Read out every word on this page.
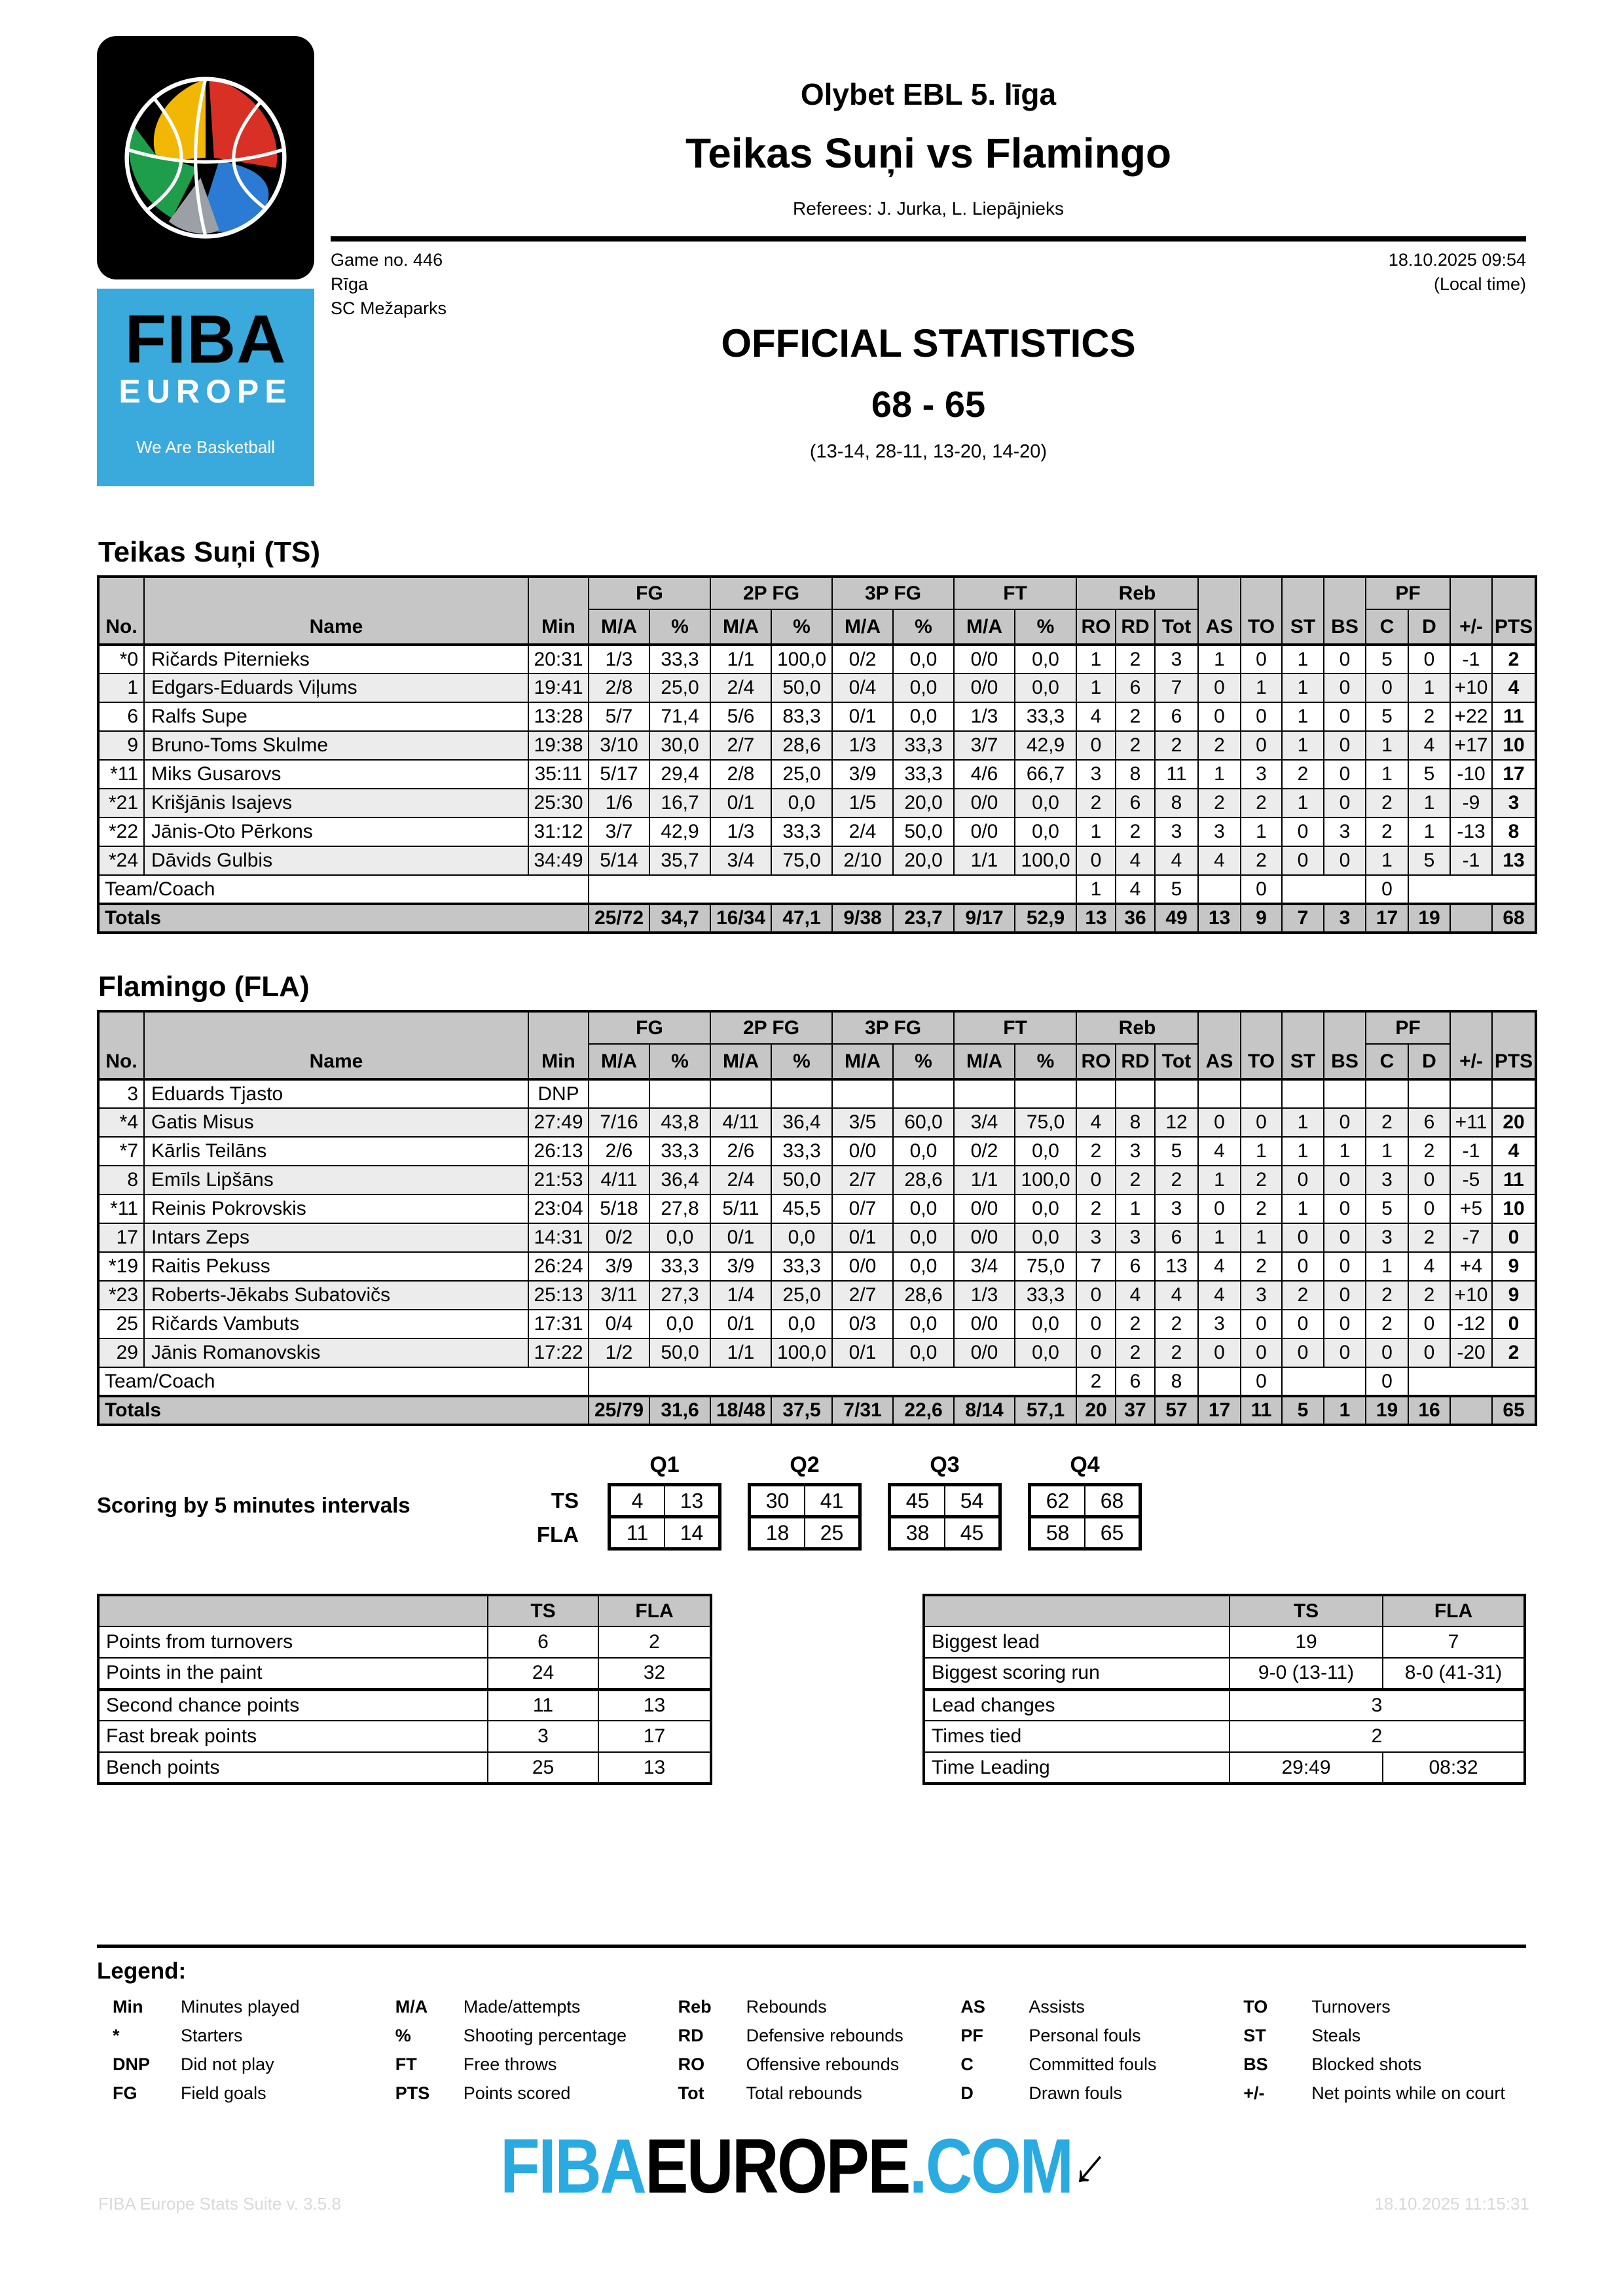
FIBA
EUROPE
We Are Basketball
Olybet EBL 5. līga
Teikas Suņi vs Flamingo
Referees: J. Jurka, L. Liepājnieks
Game no. 446
Rīga
SC Mežaparks
18.10.2025 09:54
(Local time)
OFFICIAL STATISTICS
68 - 65
(13-14, 28-11, 13-20, 14-20)
Teikas Suņi (TS)
No.	Name	Min	FG		2P FG		3P FG		FT		Reb			AS	TO	ST	BS	PF		+/-	PTS
			M/A	%	M/A	%	M/A	%	M/A	%	RO	RD	Tot					C	D		
*0	Ričards Piternieks	20:31	1/3	33,3	1/1	100,0	0/2	0,0	0/0	0,0	1	2	3	1	0	1	0	5	0	-1	2
1	Edgars-Eduards Viļums	19:41	2/8	25,0	2/4	50,0	0/4	0,0	0/0	0,0	1	6	7	0	1	1	0	0	1	+10	4
6	Ralfs Supe	13:28	5/7	71,4	5/6	83,3	0/1	0,0	1/3	33,3	4	2	6	0	0	1	0	5	2	+22	11
9	Bruno-Toms Skulme	19:38	3/10	30,0	2/7	28,6	1/3	33,3	3/7	42,9	0	2	2	2	0	1	0	1	4	+17	10
*11	Miks Gusarovs	35:11	5/17	29,4	2/8	25,0	3/9	33,3	4/6	66,7	3	8	11	1	3	2	0	1	5	-10	17
*21	Krišjānis Isajevs	25:30	1/6	16,7	0/1	0,0	1/5	20,0	0/0	0,0	2	6	8	2	2	1	0	2	1	-9	3
*22	Jānis-Oto Pērkons	31:12	3/7	42,9	1/3	33,3	2/4	50,0	0/0	0,0	1	2	3	3	1	0	3	2	1	-13	8
*24	Dāvids Gulbis	34:49	5/14	35,7	3/4	75,0	2/10	20,0	1/1	100,0	0	4	4	4	2	0	0	1	5	-1	13
Team/Coach											1	4	5		0			0			
Totals			25/72	34,7	16/34	47,1	9/38	23,7	9/17	52,9	13	36	49	13	9	7	3	17	19		68
Flamingo (FLA)
No.	Name	Min	FG		2P FG		3P FG		FT		Reb			AS	TO	ST	BS	PF		+/-	PTS
			M/A	%	M/A	%	M/A	%	M/A	%	RO	RD	Tot					C	D		
3	Eduards Tjasto	DNP																			
*4	Gatis Misus	27:49	7/16	43,8	4/11	36,4	3/5	60,0	3/4	75,0	4	8	12	0	0	1	0	2	6	+11	20
*7	Kārlis Teilāns	26:13	2/6	33,3	2/6	33,3	0/0	0,0	0/2	0,0	2	3	5	4	1	1	1	1	2	-1	4
8	Emīls Lipšāns	21:53	4/11	36,4	2/4	50,0	2/7	28,6	1/1	100,0	0	2	2	1	2	0	0	3	0	-5	11
*11	Reinis Pokrovskis	23:04	5/18	27,8	5/11	45,5	0/7	0,0	0/0	0,0	2	1	3	0	2	1	0	5	0	+5	10
17	Intars Zeps	14:31	0/2	0,0	0/1	0,0	0/1	0,0	0/0	0,0	3	3	6	1	1	0	0	3	2	-7	0
*19	Raitis Pekuss	26:24	3/9	33,3	3/9	33,3	0/0	0,0	3/4	75,0	7	6	13	4	2	0	0	1	4	+4	9
*23	Roberts-Jēkabs Subatovičs	25:13	3/11	27,3	1/4	25,0	2/7	28,6	1/3	33,3	0	4	4	4	3	2	0	2	2	+10	9
25	Ričards Vambuts	17:31	0/4	0,0	0/1	0,0	0/3	0,0	0/0	0,0	0	2	2	3	0	0	0	2	0	-12	0
29	Jānis Romanovskis	17:22	1/2	50,0	1/1	100,0	0/1	0,0	0/0	0,0	0	2	2	0	0	0	0	0	0	-20	2
Team/Coach											2	6	8		0			0			
Totals			25/79	31,6	18/48	37,5	7/31	22,6	8/14	57,1	20	37	57	17	11	5	1	19	16		65
Scoring by 5 minutes intervals
Q1	Q2	Q3	Q4
TS	4	13	30	41	45	54	62	68
FLA	11	14	18	25	38	45	58	65
	TS	FLA
Points from turnovers	6	2
Points in the paint	24	32
Second chance points	11	13
Fast break points	3	17
Bench points	25	13
	TS	FLA
Biggest lead	19	7
Biggest scoring run	9-0 (13-11)	8-0 (41-31)
Lead changes	3	
Times tied	2	
Time Leading	29:49	08:32
Legend:
Min	Minutes played
*	Starters
DNP	Did not play
FG	Field goals
M/A	Made/attempts
%	Shooting percentage
FT	Free throws
PTS	Points scored
Reb	Rebounds
RD	Defensive rebounds
RO	Offensive rebounds
Tot	Total rebounds
AS	Assists
PF	Personal fouls
C	Committed fouls
D	Drawn fouls
TO	Turnovers
ST	Steals
BS	Blocked shots
+/-	Net points while on court
FIBAEUROPE.COM→
FIBA Europe Stats Suite v. 3.5.8	18.10.2025 11:15:31
